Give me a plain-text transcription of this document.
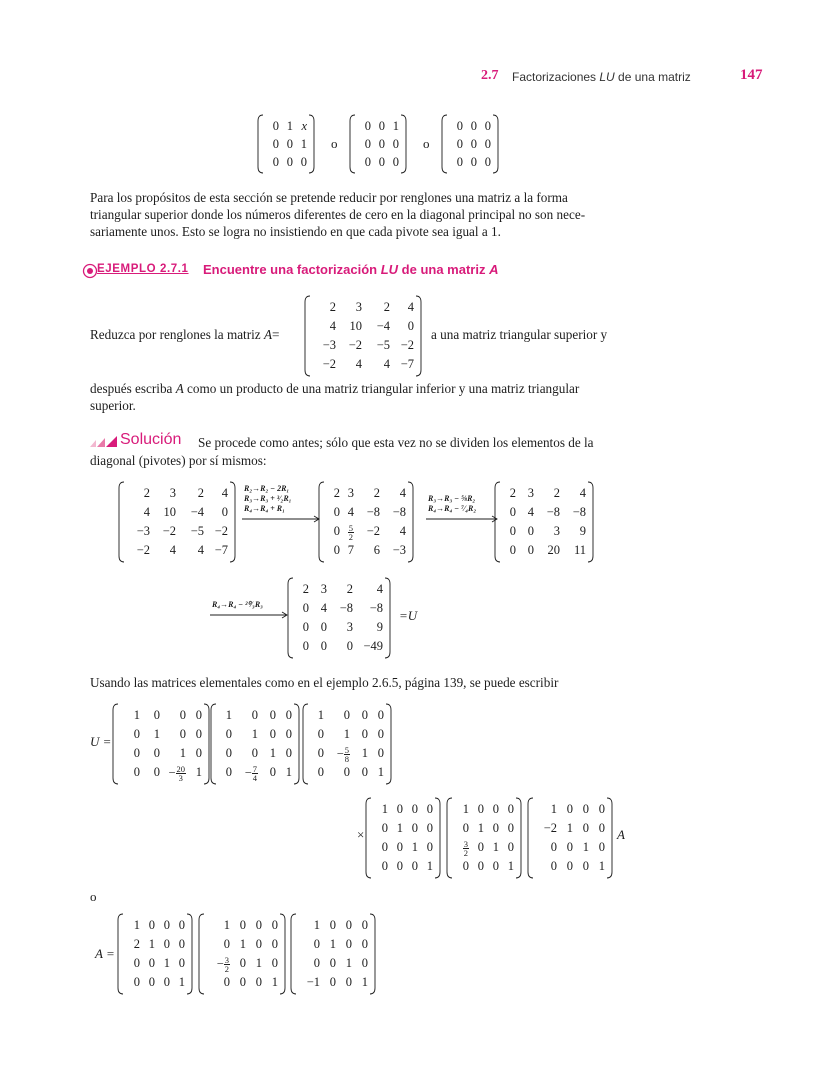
2.7 Factorizaciones LU de una matriz	147
0
0
0
1
0
0
x
1
0
o
0
0
0
0
0
0
1
0
0
o
0
0
0
0
0
0
0
0
0
Para los propósitos de esta sección se pretende reducir por renglones una matriz a la forma
triangular superior donde los números diferentes de cero en la diagonal principal no son nece-
sariamente unos. Esto se logra no insistiendo en que cada pivote sea igual a 1.
EJEMPLO 2.7.1 Encuentre una factorización LU de una matriz A
Reduzca por renglones la matriz A=
2
4
−3
−2
3
10
−2
4
2
−4
−5
4
4
0
−2
−7
a una matriz triangular superior y
después escriba A como un producto de una matriz triangular inferior y una matriz triangular
superior.
Solución Se procede como antes; sólo que esta vez no se dividen los elementos de la
diagonal (pivotes) por sí mismos:
2
4
−3
−2
3
10
−2
4
2
−4
−5
4
4
0
−2
−7
R₂→R₂ − 2R₁
R₃→R₃ + ³⁄₂R₁
R₄→R₄ + R₁
2
0
0
0
3
4
$\frac{5}{2}$
7
2
−8
−2
6
4
−8
4
−3
R₃→R₃ − ⅝R₂
R₄→R₄ − ⁷⁄₄R₂
2
0
0
0
3
4
0
0
2
−8
3
20
4
−8
9
11
R₄→R₄ − ²⁰⁄₃R₃
2
0
0
0
3
4
0
0
2
−8
3
0
4
−8
9
−49
=U
Usando las matrices elementales como en el ejemplo 2.6.5, página 139, se puede escribir
U =
1
0
0
0
0
1
0
0
0
0
1
− $\frac{20}{3}$
0
0
0
1
1
0
0
0
0
1
0
− $\frac{7}{4}$
0
0
1
0
0
0
0
1
1
0
0
0
0
1
− $\frac{5}{8}$
0
0
0
1
0
0
0
0
1
×
1
0
0
0
0
1
0
0
0
0
1
0
0
0
0
1
1
0
$\frac{3}{2}$
0
0
1
0
0
0
0
1
0
0
0
0
1
1
−2
0
0
0
1
0
0
0
0
1
0
0
0
0
1
A
o
A =
1
2
0
0
0
1
0
0
0
0
1
0
0
0
0
1
1
0
− $\frac{3}{2}$
0
0
1
0
0
0
0
1
0
0
0
0
1
1
0
0
−1
0
1
0
0
0
0
1
0
0
0
0
1
